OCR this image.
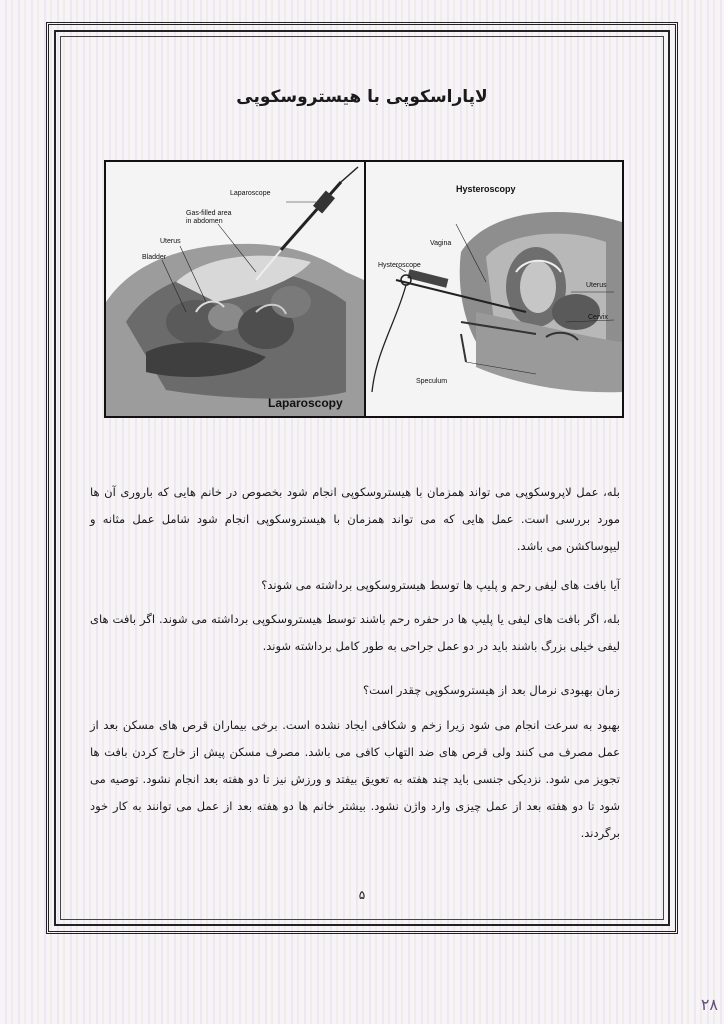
لاپاراسکوپی با هیستروسکوپی
Laparoscope
Gas-filled area
in abdomen
Uterus
Bladder
Laparoscopy
Hysteroscopy
Vagina
Hysteroscope
Uterus
Cervix
Speculum

بله، عمل لاپروسکوپی می تواند همزمان با هیستروسکوپی انجام شود بخصوص در خانم هایی که باروری آن ها مورد بررسی است. عمل هایی که می تواند همزمان با هیستروسکوپی انجام شود شامل عمل مثانه و لیپوساکشن می باشد.

آیا بافت های لیفی رحم و پلیپ ها توسط هیستروسکوپی برداشته می شوند؟

بله، اگر بافت های لیفی یا پلیپ ها در حفره رحم باشند توسط هیستروسکوپی برداشته می شوند. اگر بافت های لیفی خیلی بزرگ باشند باید در دو عمل جراحی به طور کامل برداشته شوند.

زمان بهبودی نرمال بعد از هیستروسکوپی چقدر است؟

بهبود به سرعت انجام می شود زیرا زخم و شکافی ایجاد نشده است. برخی بیماران قرص های مسکن بعد از عمل مصرف می کنند ولی قرص های ضد التهاب کافی می باشد. مصرف مسکن پیش از خارج کردن بافت ها تجویز می شود. نزدیکی جنسی باید چند هفته به تعویق بیفتد و ورزش نیز تا دو هفته بعد انجام نشود. توصیه می شود تا دو هفته بعد از عمل چیزی وارد واژن نشود. بیشتر خانم ها دو هفته بعد از عمل می توانند به کار خود برگردند.

۵
۲۸
